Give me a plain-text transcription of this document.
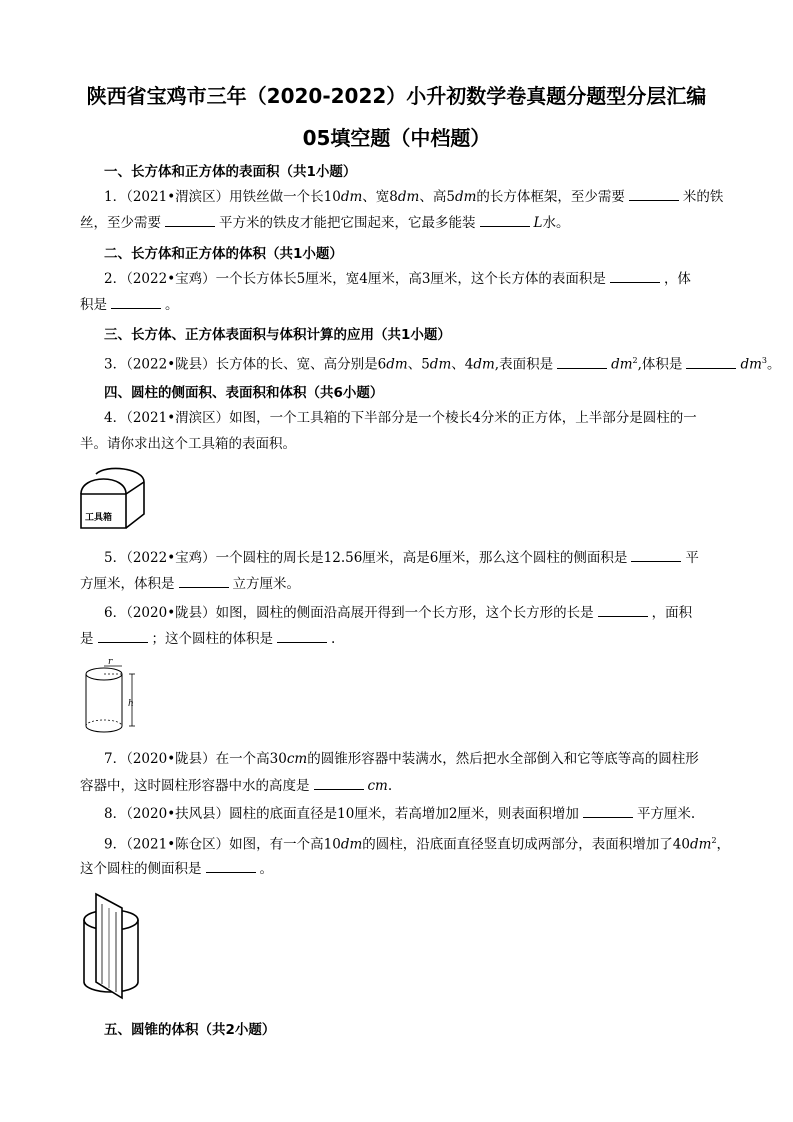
陕西省宝鸡市三年（2020-2022）小升初数学卷真题分题型分层汇编
05填空题（中档题）
一、长方体和正方体的表面积（共1小题）
1．（2021•渭滨区）用铁丝做一个长10dm、宽8dm、高5dm的长方体框架，至少需要	米的铁
丝，至少需要	平方米的铁皮才能把它围起来，它最多能装	L水。
二、长方体和正方体的体积（共1小题）
2．（2022•宝鸡）一个长方体长5厘米，宽4厘米，高3厘米，这个长方体的表面积是	，体
积是	。
三、长方体、正方体表面积与体积计算的应用（共1小题）
3．（2022•陇县）长方体的长、宽、高分别是6dm、5dm、4dm,表面积是	$dm^2$,体积是	$dm^3$。
四、圆柱的侧面积、表面积和体积（共6小题）
4．（2021•渭滨区）如图，一个工具箱的下半部分是一个棱长4分米的正方体，上半部分是圆柱的一
半。请你求出这个工具箱的表面积。
工具箱
5．（2022•宝鸡）一个圆柱的周长是12.56厘米，高是6厘米，那么这个圆柱的侧面积是	平
方厘米，体积是	立方厘米。
6．（2020•陇县）如图，圆柱的侧面沿高展开得到一个长方形，这个长方形的长是	，面积
是	；这个圆柱的体积是	.
r
h
7．（2020•陇县）在一个高30cm的圆锥形容器中装满水，然后把水全部倒入和它等底等高的圆柱形
容器中，这时圆柱形容器中水的高度是	cm.
8．（2020•扶风县）圆柱的底面直径是10厘米，若高增加2厘米，则表面积增加	平方厘米.
9．（2021•陈仓区）如图，有一个高10dm的圆柱，沿底面直径竖直切成两部分，表面积增加了$40dm^2$，
这个圆柱的侧面积是	。
五、圆锥的体积（共2小题）
